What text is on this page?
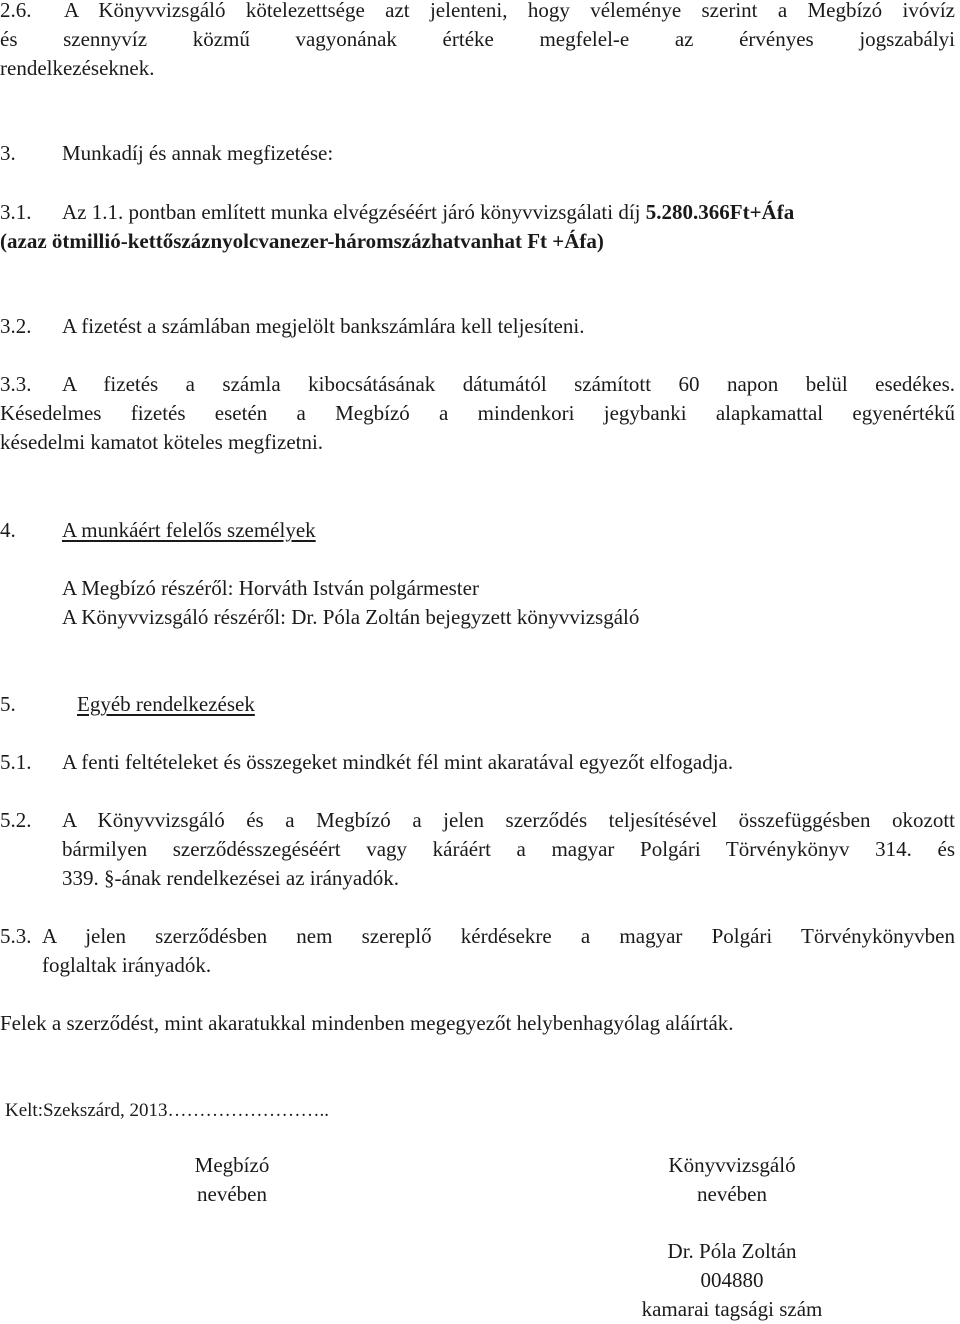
2.6.	A Könyvvizsgáló kötelezettsége azt jelenteni, hogy véleménye szerint a Megbízó ivóvíz
és szennyvíz közmű vagyonának értéke megfelel-e az érvényes jogszabályi
rendelkezéseknek.
3.	Munkadíj és annak megfizetése:
3.1.	Az 1.1. pontban említett munka elvégzéséért járó könyvvizsgálati díj 5.280.366Ft+Áfa
(azaz ötmillió-kettőszáznyolcvanezer-háromszázhatvanhat Ft +Áfa)
3.2.	A fizetést a számlában megjelölt bankszámlára kell teljesíteni.
3.3.	A fizetés a számla kibocsátásának dátumától számított 60 napon belül esedékes.
Késedelmes fizetés esetén a Megbízó a mindenkori jegybanki alapkamattal egyenértékű
késedelmi kamatot köteles megfizetni.
4.	A munkáért felelős személyek
A Megbízó részéről: Horváth István polgármester
A Könyvvizsgáló részéről: Dr. Póla Zoltán bejegyzett könyvvizsgáló
5.	Egyéb rendelkezések
5.1.	A fenti feltételeket és összegeket mindkét fél mint akaratával egyezőt elfogadja.
5.2.	A Könyvvizsgáló és a Megbízó a jelen szerződés teljesítésével összefüggésben okozott
bármilyen szerződésszegéséért vagy káráért a magyar Polgári Törvénykönyv 314. és
339. §-ának rendelkezései az irányadók.
5.3. A jelen szerződésben nem szereplő kérdésekre a magyar Polgári Törvénykönyvben
foglaltak irányadók.
Felek a szerződést, mint akaratukkal mindenben megegyezőt helybenhagyólag aláírták.
Kelt:Szekszárd, 2013……………………..
Megbízó
nevében
Könyvvizsgáló
nevében
Dr. Póla Zoltán
004880
kamarai tagsági szám
